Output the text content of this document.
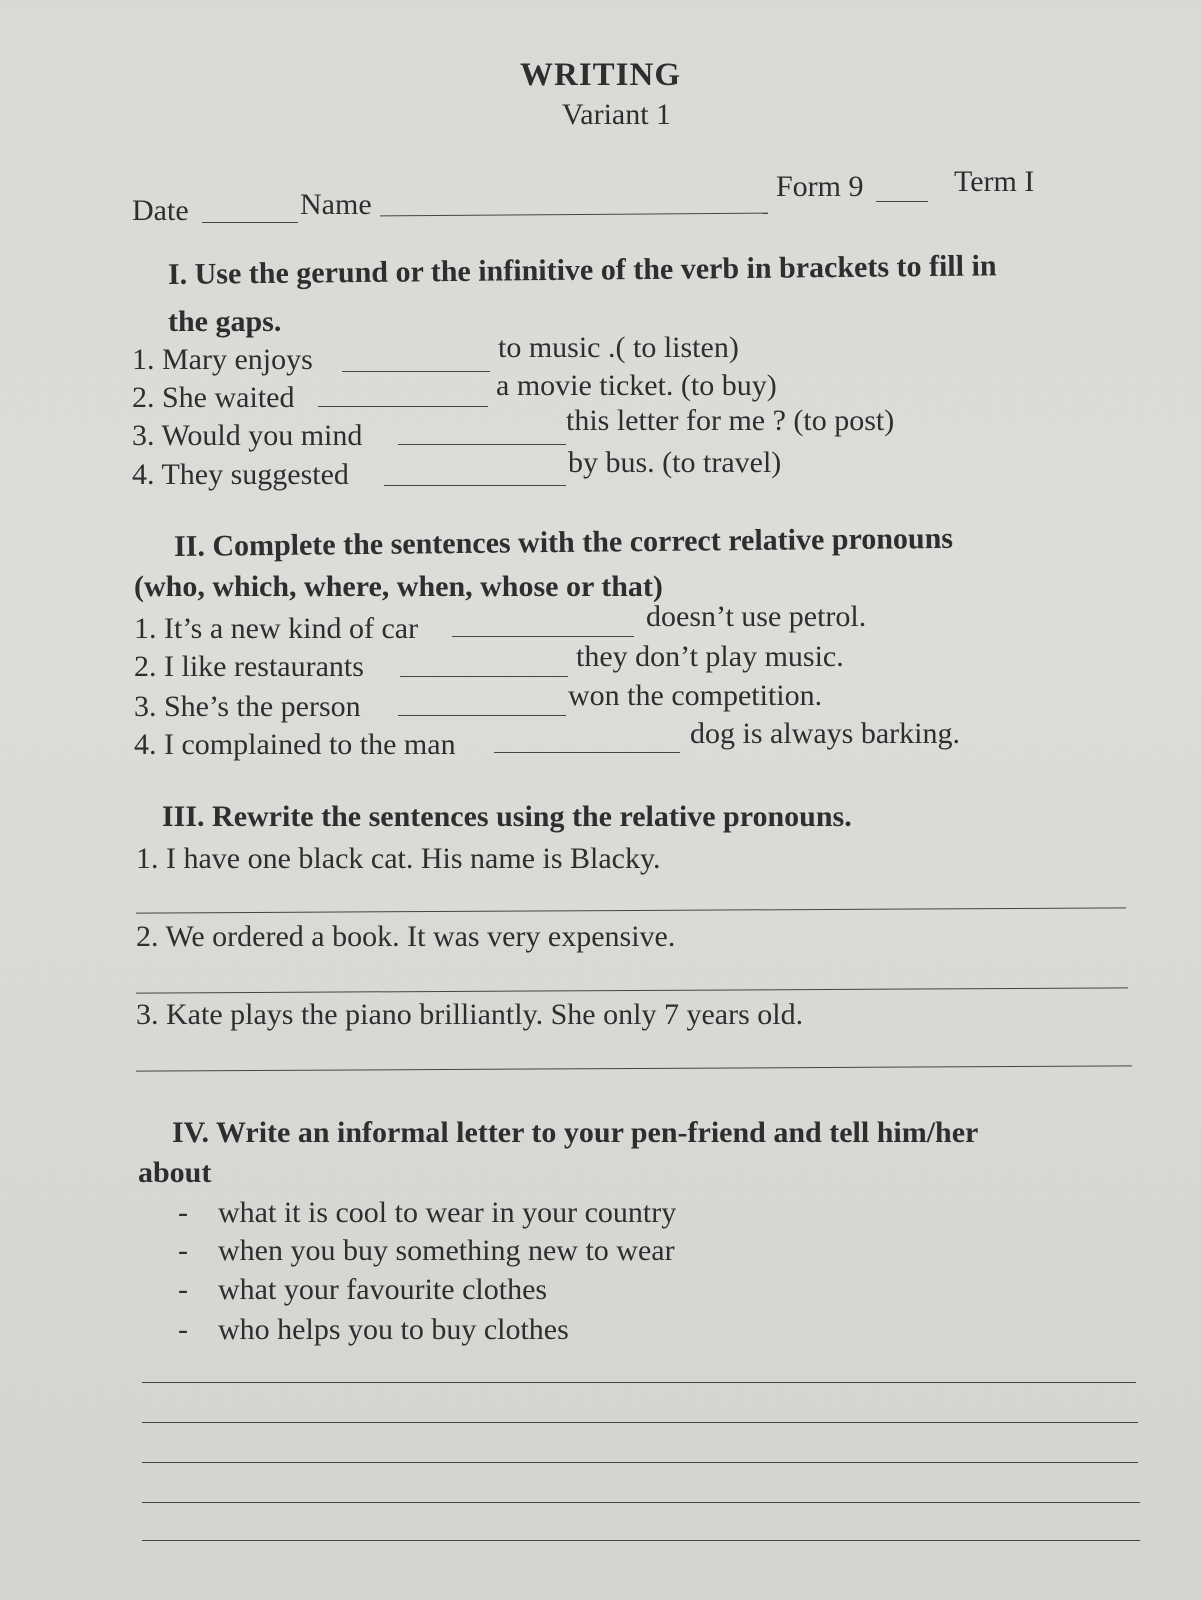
WRITING
Variant 1
Date	Name
Form 9	Term I
I. Use the gerund or the infinitive of the verb in brackets to fill in
the gaps.
1. Mary enjoys	to music .( to listen)
2. She waited	a movie ticket. (to buy)
3. Would you mind	this letter for me ? (to post)
4. They suggested	by bus. (to travel)
II. Complete the sentences with the correct relative pronouns
(who, which, where, when, whose or that)
1. It’s a new kind of car	doesn’t use petrol.
2. I like restaurants	they don’t play music.
3. She’s the person	won the competition.
4. I complained to the man	dog is always barking.
III. Rewrite the sentences using the relative pronouns.
1. I have one black cat. His name is Blacky.
2. We ordered a book. It was very expensive.
3. Kate plays the piano brilliantly. She only 7 years old.
IV. Write an informal letter to your pen-friend and tell him/her
about
- what it is cool to wear in your country
- when you buy something new to wear
- what your favourite clothes
- who helps you to buy clothes
